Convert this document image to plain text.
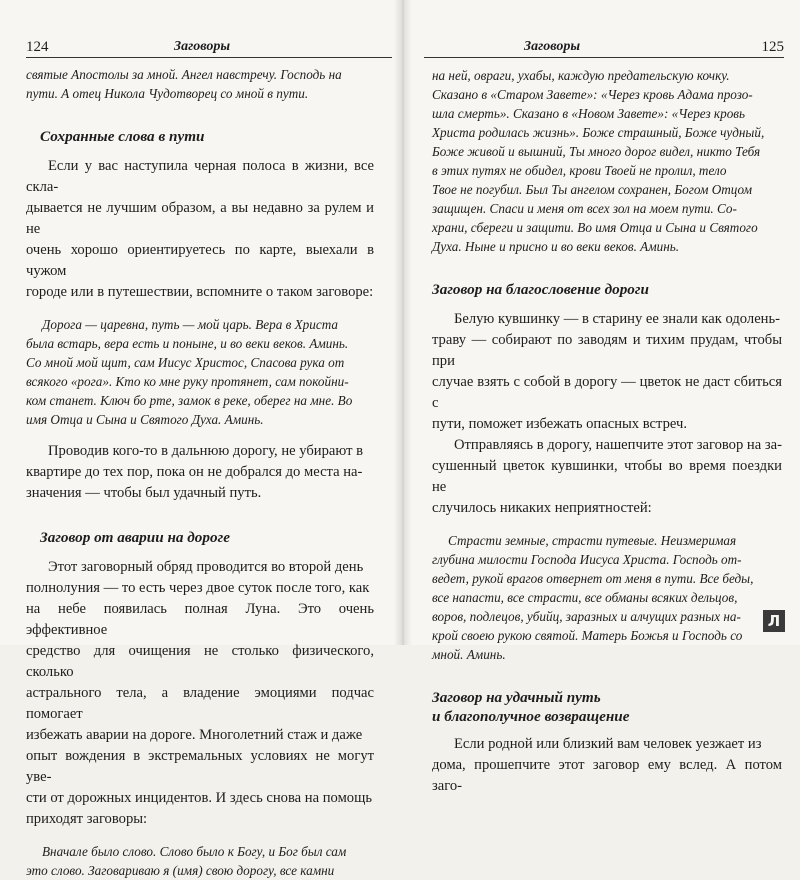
124	Заговоры
святые Апостолы за мной. Ангел навстречу. Господь на
пути. А отец Никола Чудотворец со мной в пути.
Сохранные слова в пути
Если у вас наступила черная полоса в жизни, все скла-
дывается не лучшим образом, а вы недавно за рулем и не
очень хорошо ориентируетесь по карте, выехали в чужом
городе или в путешествии, вспомните о таком заговоре:
Дорога — царевна, путь — мой царь. Вера в Христа
была встарь, вера есть и поныне, и во веки веков. Аминь.
Со мной мой щит, сам Иисус Христос, Спасова рука от
всякого «рога». Кто ко мне руку протянет, сам покойни-
ком станет. Ключ бо рте, замок в реке, оберег на мне. Во
имя Отца и Сына и Святого Духа. Аминь.
Проводив кого-то в дальнюю дорогу, не убирают в
квартире до тех пор, пока он не добрался до места на-
значения — чтобы был удачный путь.
Заговор от аварии на дороге
Этот заговорный обряд проводится во второй день
полнолуния — то есть через двое суток после того, как
на небе появилась полная Луна. Это очень эффективное
средство для очищения не столько физического, сколько
астрального тела, а владение эмоциями подчас помогает
избежать аварии на дороге. Многолетний стаж и даже
опыт вождения в экстремальных условиях не могут уве-
сти от дорожных инцидентов. И здесь снова на помощь
приходят заговоры:
Вначале было слово. Слово было к Богу, и Бог был сам
это слово. Заговариваю я (имя) свою дорогу, все камни
Заговоры	125
на ней, овраги, ухабы, каждую предательскую кочку.
Сказано в «Старом Завете»: «Через кровь Адама прозо-
шла смерть». Сказано в «Новом Завете»: «Через кровь
Христа родилась жизнь». Боже страшный, Боже чудный,
Боже живой и вышний, Ты много дорог видел, никто Тебя
в этих путях не обидел, крови Твоей не пролил, тело
Твое не погубил. Был Ты ангелом сохранен, Богом Отцом
защищен. Спаси и меня от всех зол на моем пути. Со-
храни, сбереги и защити. Во имя Отца и Сына и Святого
Духа. Ныне и присно и во веки веков. Аминь.
Заговор на благословение дороги
Белую кувшинку — в старину ее знали как одолень-
траву — собирают по заводям и тихим прудам, чтобы при
случае взять с собой в дорогу — цветок не даст сбиться с
пути, поможет избежать опасных встреч.
Отправляясь в дорогу, нашепчите этот заговор на за-
сушенный цветок кувшинки, чтобы во время поездки не
случилось никаких неприятностей:
Страсти земные, страсти путевые. Неизмеримая
глубина милости Господа Иисуса Христа. Господь от-
ведет, рукой врагов отвернет от меня в пути. Все беды,
все напасти, все страсти, все обманы всяких дельцов,
воров, подлецов, убийц, заразных и алчущих разных на-
крой своею рукою святой. Матерь Божья и Господь со
мной. Аминь.
Заговор на удачный путь
и благополучное возвращение
Если родной или близкий вам человек уезжает из
дома, прошепчите этот заговор ему вслед. А потом заго-
Л
